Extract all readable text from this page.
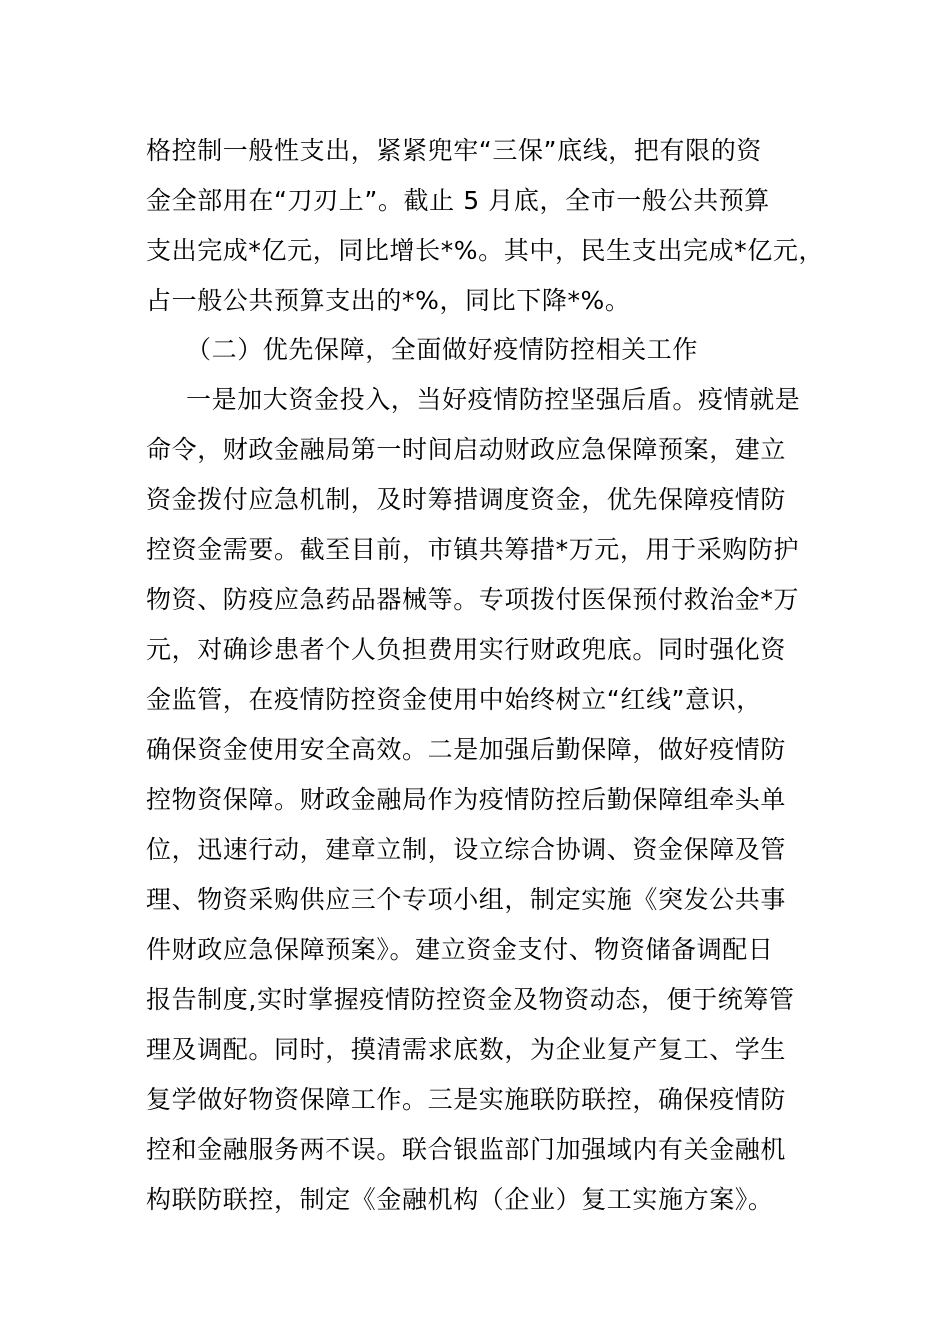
格控制一般性支出，紧紧兜牢“三保”底线，把有限的资
金全部用在“刀刃上”。截止 5 月底，全市一般公共预算
支出完成*亿元，同比增长*%。其中，民生支出完成*亿元，
占一般公共预算支出的*%，同比下降*%。
（二）优先保障，全面做好疫情防控相关工作
一是加大资金投入，当好疫情防控坚强后盾。疫情就是
命令，财政金融局第一时间启动财政应急保障预案，建立
资金拨付应急机制，及时筹措调度资金，优先保障疫情防
控资金需要。截至目前，市镇共筹措*万元，用于采购防护
物资、防疫应急药品器械等。专项拨付医保预付救治金*万
元，对确诊患者个人负担费用实行财政兜底。同时强化资
金监管，在疫情防控资金使用中始终树立“红线”意识，
确保资金使用安全高效。二是加强后勤保障，做好疫情防
控物资保障。财政金融局作为疫情防控后勤保障组牵头单
位，迅速行动，建章立制，设立综合协调、资金保障及管
理、物资采购供应三个专项小组，制定实施《突发公共事
件财政应急保障预案》。建立资金支付、物资储备调配日
报告制度,实时掌握疫情防控资金及物资动态，便于统筹管
理及调配。同时，摸清需求底数，为企业复产复工、学生
复学做好物资保障工作。三是实施联防联控，确保疫情防
控和金融服务两不误。联合银监部门加强域内有关金融机
构联防联控，制定《金融机构（企业）复工实施方案》。
